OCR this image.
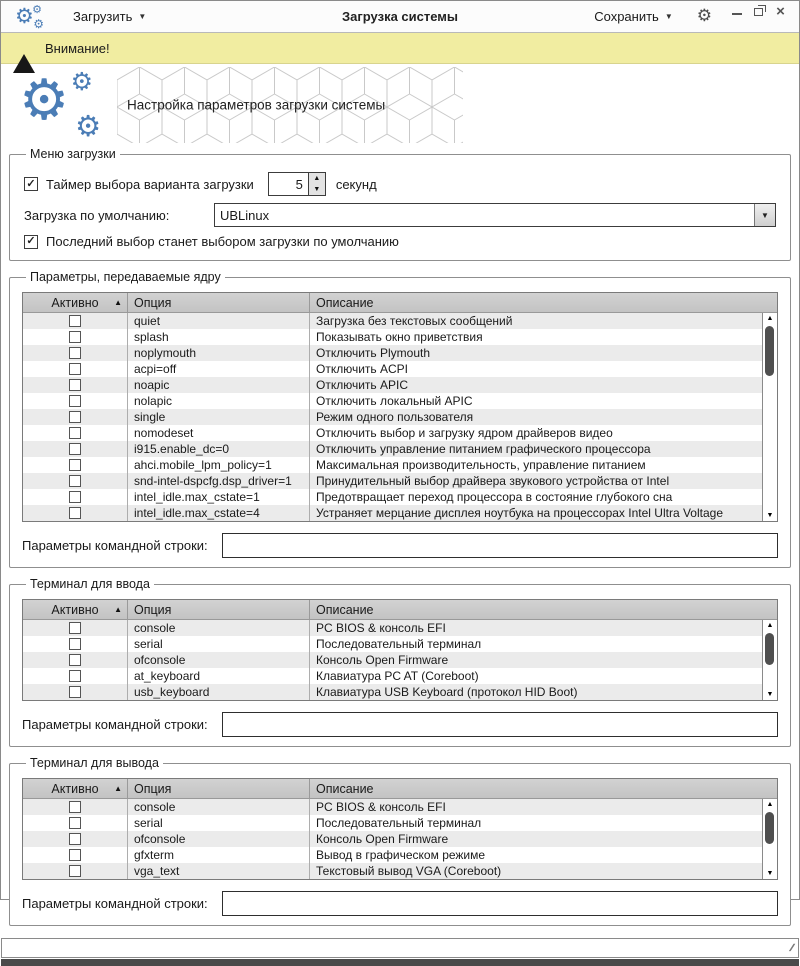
⚙
⚙
⚙ Загрузить ▼	Загрузка системы	Сохранить ▼ ⚙	×
!	Внимание!
⚙ ⚙
⚙
Настройка параметров загрузки системы
Меню загрузки
✓
Таймер выбора варианта загрузки	5	▲
▼	секунд
Загрузка по умолчанию:	UBLinux	▼
✓
Последний выбор станет выбором загрузки по умолчанию
Параметры, передаваемые ядру
Активно ▲ Опция	Описание
quiet	Загрузка без текстовых сообщений
splash	Показывать окно приветствия
noplymouth	Отключить Plymouth
acpi=off	Отключить ACPI
noapic	Отключить APIC
nolapic	Отключить локальный APIC
single	Режим одного пользователя
nomodeset	Отключить выбор и загрузку ядром драйверов видео
i915.enable_dc=0	Отключить управление питанием графического процессора
ahci.mobile_lpm_policy=1	Максимальная производительность, управление питанием
snd-intel-dspcfg.dsp_driver=1	Принудительный выбор драйвера звукового устройства от Intel
intel_idle.max_cstate=1	Предотвращает переход процессора в состояние глубокого сна
intel_idle.max_cstate=4	Устраняет мерцание дисплея ноутбука на процессорах Intel Ultra Voltage
▲
▼
Параметры командной строки:
Терминал для ввода
Активно ▲ Опция	Описание
console	PC BIOS & консоль EFI
serial	Последовательный терминал
ofconsole	Консоль Open Firmware
at_keyboard	Клавиатура PC AT (Coreboot)
usb_keyboard	Клавиатура USB Keyboard (протокол HID Boot)
▲
▼
Параметры командной строки:
Терминал для вывода
Активно ▲ Опция	Описание
console	PC BIOS & консоль EFI
serial	Последовательный терминал
ofconsole	Консоль Open Firmware
gfxterm	Вывод в графическом режиме
vga_text	Текстовый вывод VGA (Coreboot)
▲
▼
Параметры командной строки:
//
